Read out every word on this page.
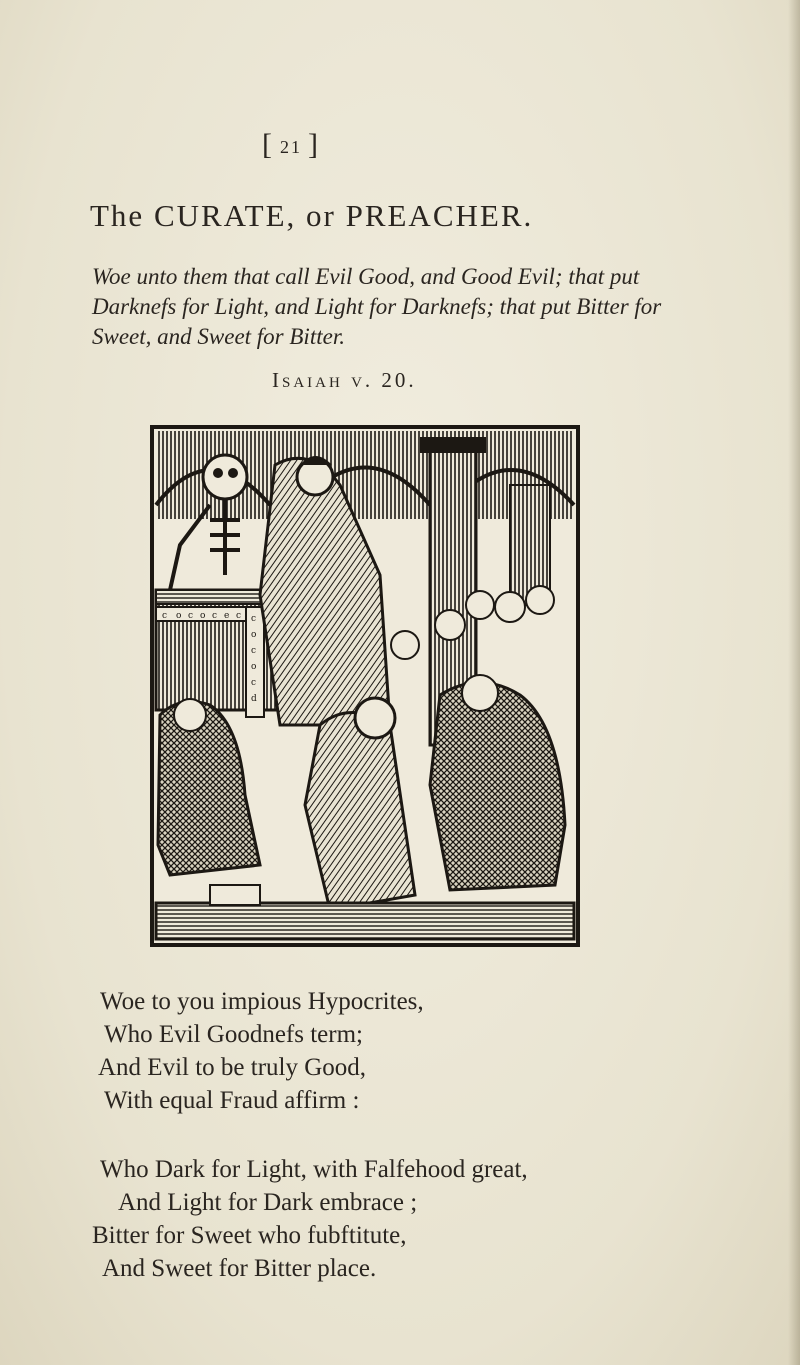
[ 21 ]
The CURATE, or PREACHER.

Woe unto them that call Evil Good, and Good Evil; that put Darknefs for Light, and Light for Darknefs; that put Bitter for Sweet, and Sweet for Bitter.

Isaiah v. 20.
c o c o c e c c
o
c
o
c
d
Woe to you impious Hypocrites,
Who Evil Goodnefs term;
And Evil to be truly Good,
With equal Fraud affirm :
Who Dark for Light, with Falfehood great,
And Light for Dark embrace ;
Bitter for Sweet who fubftitute,
And Sweet for Bitter place.
